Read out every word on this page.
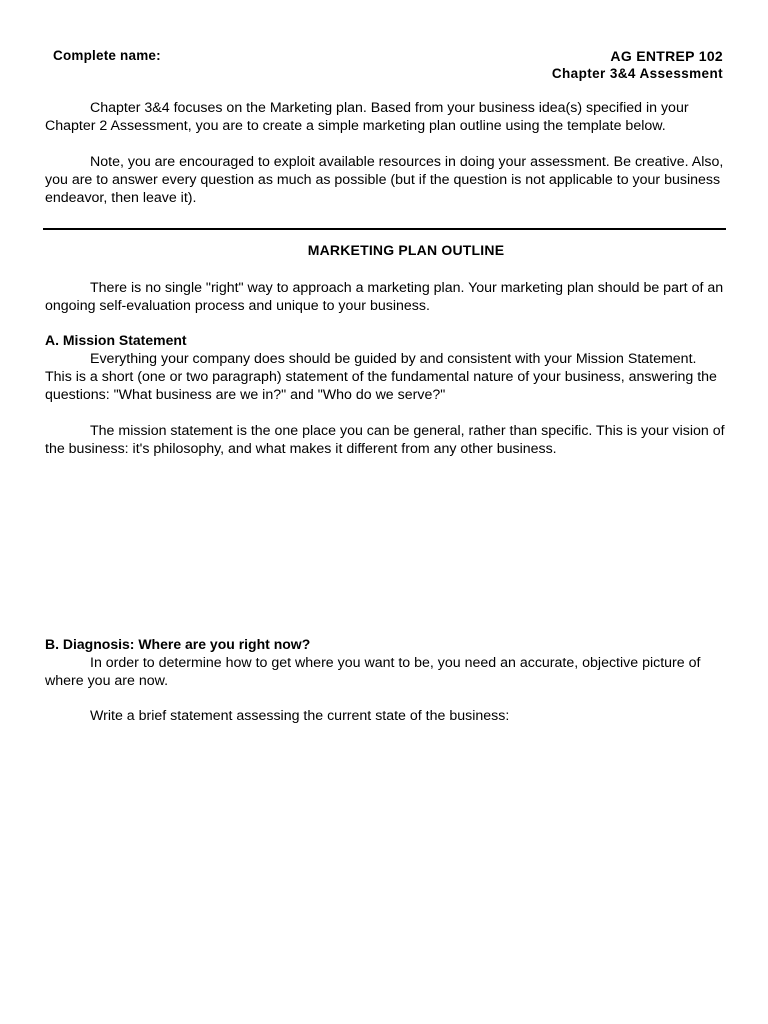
Complete name:	AG ENTREP 102
Chapter 3&4 Assessment

Chapter 3&4 focuses on the Marketing plan. Based from your business idea(s) specified in your Chapter 2 Assessment, you are to create a simple marketing plan outline using the template below.

Note, you are encouraged to exploit available resources in doing your assessment. Be creative. Also, you are to answer every question as much as possible (but if the question is not applicable to your business endeavor, then leave it).

MARKETING PLAN OUTLINE

There is no single "right" way to approach a marketing plan. Your marketing plan should be part of an ongoing self-evaluation process and unique to your business.

A. Mission Statement

Everything your company does should be guided by and consistent with your Mission Statement. This is a short (one or two paragraph) statement of the fundamental nature of your business, answering the questions: "What business are we in?" and "Who do we serve?"

The mission statement is the one place you can be general, rather than specific. This is your vision of the business: it's philosophy, and what makes it different from any other business.

B. Diagnosis: Where are you right now?

In order to determine how to get where you want to be, you need an accurate, objective picture of where you are now.

Write a brief statement assessing the current state of the business:
